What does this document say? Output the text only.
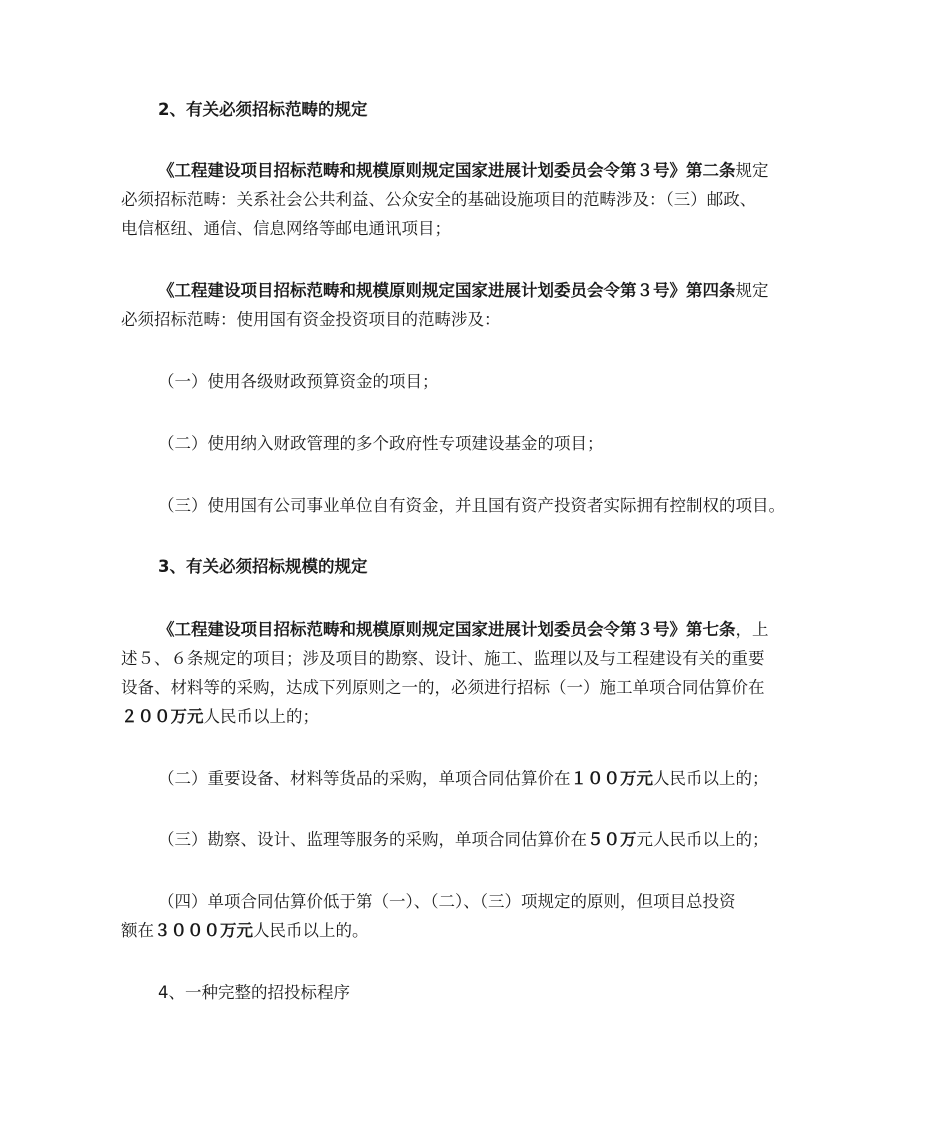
2、有关必须招标范畴的规定

《工程建设项目招标范畴和规模原则规定国家进展计划委员会令第３号》第二条规定

必须招标范畴：关系社会公共利益、公众安全的基础设施项目的范畴涉及：（三）邮政、

电信枢纽、通信、信息网络等邮电通讯项目；

《工程建设项目招标范畴和规模原则规定国家进展计划委员会令第３号》第四条规定

必须招标范畴：使用国有资金投资项目的范畴涉及：

（一）使用各级财政预算资金的项目；

（二）使用纳入财政管理的多个政府性专项建设基金的项目；

（三）使用国有公司事业单位自有资金，并且国有资产投资者实际拥有控制权的项目。

3、有关必须招标规模的规定

《工程建设项目招标范畴和规模原则规定国家进展计划委员会令第３号》第七条，上

述５、６条规定的项目；涉及项目的勘察、设计、施工、监理以及与工程建设有关的重要

设备、材料等的采购，达成下列原则之一的，必须进行招标（一）施工单项合同估算价在

２００万元人民币以上的；

（二）重要设备、材料等货品的采购，单项合同估算价在１００万元人民币以上的；

（三）勘察、设计、监理等服务的采购，单项合同估算价在５０万元人民币以上的；

（四）单项合同估算价低于第（一）、（二）、（三）项规定的原则，但项目总投资

额在３０００万元人民币以上的。

4、一种完整的招投标程序
